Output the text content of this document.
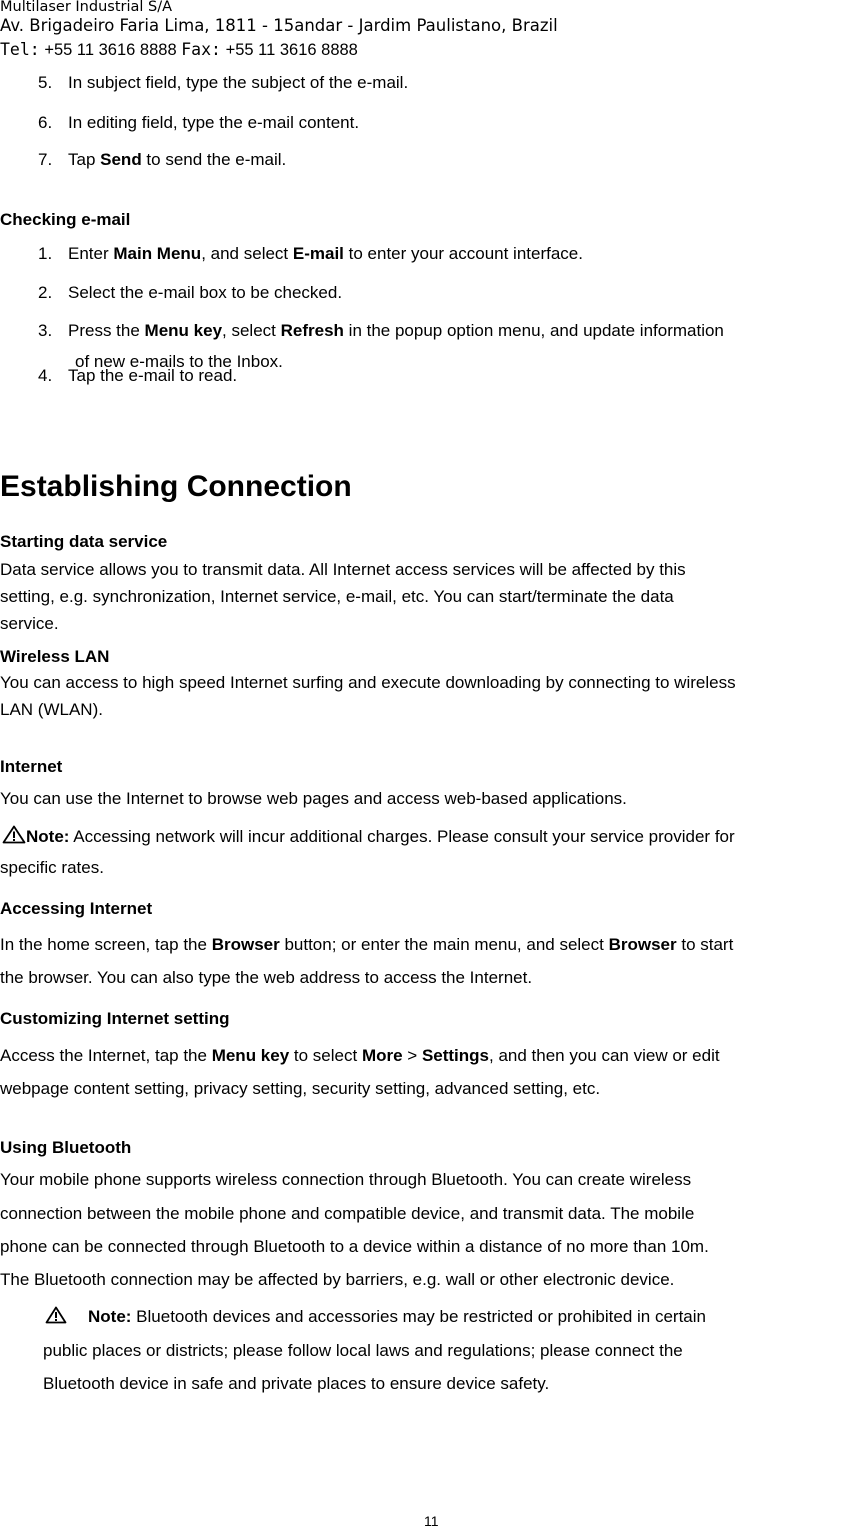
Multilaser Industrial S/A
Av. Brigadeiro Faria Lima, 1811 - 15andar - Jardim Paulistano, Brazil
Tel: +55 11 3616 8888 Fax: +55 11 3616 8888
5. In subject field, type the subject of the e-mail.
6. In editing field, type the e-mail content.
7. Tap Send to send the e-mail.
Checking e-mail
1. Enter Main Menu, and select E-mail to enter your account interface.
2. Select the e-mail box to be checked.
3. Press the Menu key, select Refresh in the popup option menu, and update information
of new e-mails to the Inbox.
4. Tap the e-mail to read.
Establishing Connection
Starting data service
Data service allows you to transmit data. All Internet access services will be affected by this
setting, e.g. synchronization, Internet service, e-mail, etc. You can start/terminate the data
service.
Wireless LAN
You can access to high speed Internet surfing and execute downloading by connecting to wireless
LAN (WLAN).
Internet
You can use the Internet to browse web pages and access web-based applications.
Note: Accessing network will incur additional charges. Please consult your service provider for
specific rates.
Accessing Internet
In the home screen, tap the Browser button; or enter the main menu, and select Browser to start
the browser. You can also type the web address to access the Internet.
Customizing Internet setting
Access the Internet, tap the Menu key to select More > Settings, and then you can view or edit
webpage content setting, privacy setting, security setting, advanced setting, etc.
Using Bluetooth
Your mobile phone supports wireless connection through Bluetooth. You can create wireless
connection between the mobile phone and compatible device, and transmit data. The mobile
phone can be connected through Bluetooth to a device within a distance of no more than 10m.
The Bluetooth connection may be affected by barriers, e.g. wall or other electronic device.
Note: Bluetooth devices and accessories may be restricted or prohibited in certain
public places or districts; please follow local laws and regulations; please connect the
Bluetooth device in safe and private places to ensure device safety.
11
